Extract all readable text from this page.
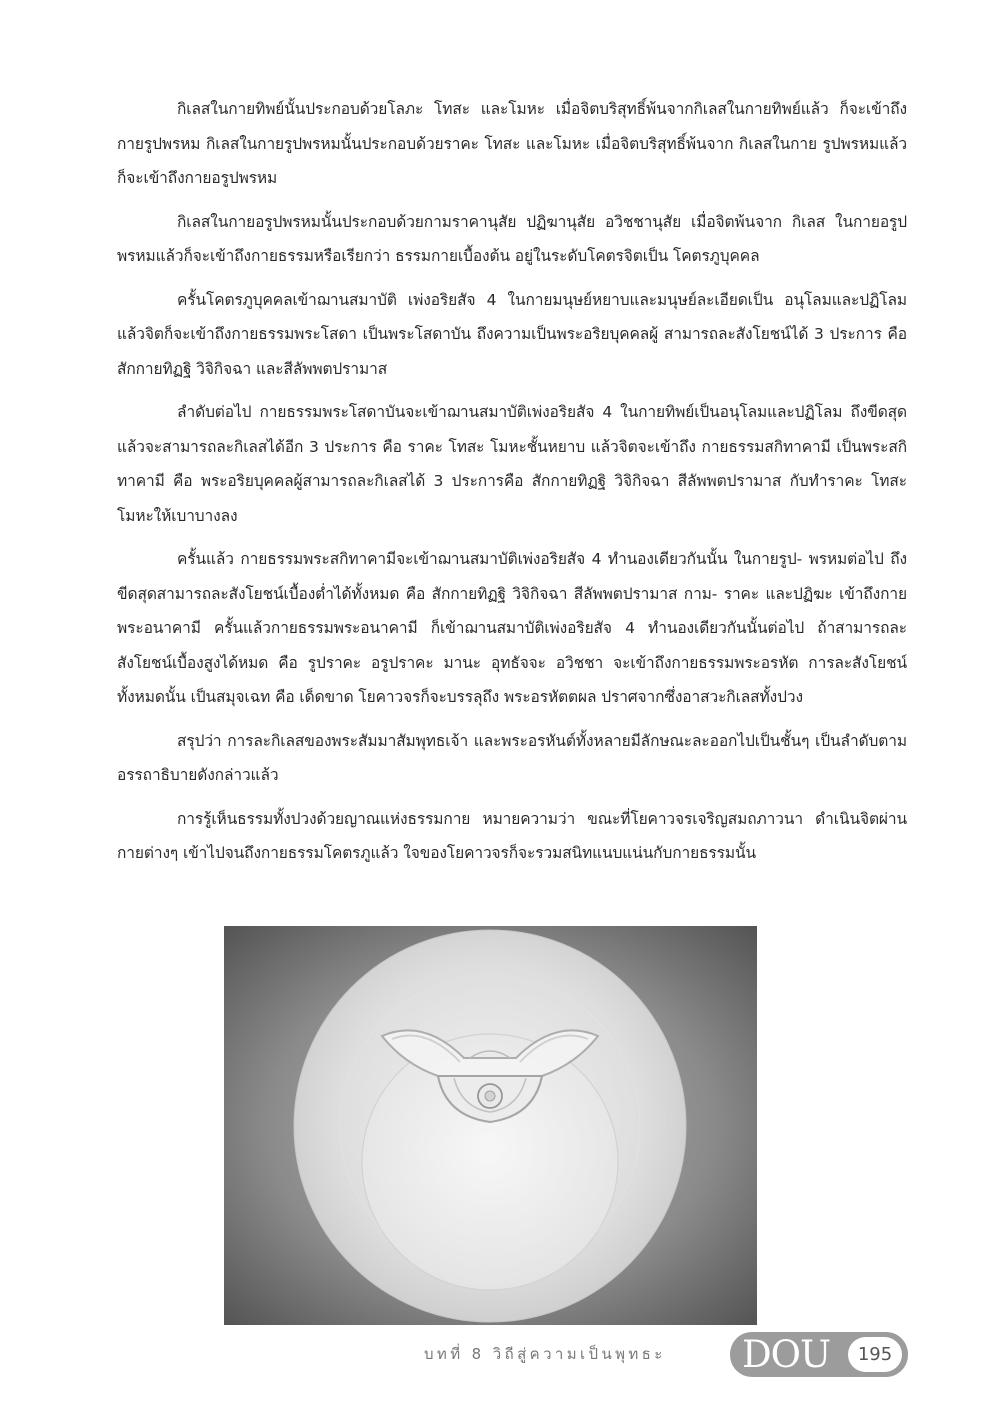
กิเลสในกายทิพย์นั้นประกอบด้วยโลภะ โทสะ และโมหะ เมื่อจิตบริสุทธิ์พ้นจากกิเลสในกายทิพย์แล้ว ก็จะเข้าถึงกายรูปพรหม กิเลสในกายรูปพรหมนั้นประกอบด้วยราคะ โทสะ และโมหะ เมื่อจิตบริสุทธิ์พ้นจาก กิเลสในกาย รูปพรหมแล้ว ก็จะเข้าถึงกายอรูปพรหม

กิเลสในกายอรูปพรหมนั้นประกอบด้วยกามราคานุสัย ปฏิฆานุสัย อวิชชานุสัย เมื่อจิตพ้นจาก กิเลส ในกายอรูปพรหมแล้วก็จะเข้าถึงกายธรรมหรือเรียกว่า ธรรมกายเบื้องต้น อยู่ในระดับโคตรจิตเป็น โคตรภูบุคคล

ครั้นโคตรภูบุคคลเข้าฌานสมาบัติ เพ่งอริยสัจ 4 ในกายมนุษย์หยาบและมนุษย์ละเอียดเป็น อนุโลมและปฏิโลม แล้วจิตก็จะเข้าถึงกายธรรมพระโสดา เป็นพระโสดาบัน ถึงความเป็นพระอริยบุคคลผู้ สามารถละสังโยชน์ได้ 3 ประการ คือ สักกายทิฏฐิ วิจิกิจฉา และสีลัพพตปรามาส

ลำดับต่อไป กายธรรมพระโสดาบันจะเข้าฌานสมาบัติเพ่งอริยสัจ 4 ในกายทิพย์เป็นอนุโลมและปฏิโลม ถึงขีดสุดแล้วจะสามารถละกิเลสได้อีก 3 ประการ คือ ราคะ โทสะ โมหะชั้นหยาบ แล้วจิตจะเข้าถึง กายธรรมสกิทาคามี เป็นพระสกิทาคามี คือ พระอริยบุคคลผู้สามารถละกิเลสได้ 3 ประการคือ สักกายทิฏฐิ วิจิกิจฉา สีลัพพตปรามาส กับทำราคะ โทสะ โมหะให้เบาบางลง

ครั้นแล้ว กายธรรมพระสกิทาคามีจะเข้าฌานสมาบัติเพ่งอริยสัจ 4 ทำนองเดียวกันนั้น ในกายรูป- พรหมต่อไป ถึงขีดสุดสามารถละสังโยชน์เบื้องต่ำได้ทั้งหมด คือ สักกายทิฏฐิ วิจิกิจฉา สีลัพพตปรามาส กาม- ราคะ และปฏิฆะ เข้าถึงกายพระอนาคามี ครั้นแล้วกายธรรมพระอนาคามี ก็เข้าฌานสมาบัติเพ่งอริยสัจ 4 ทำนองเดียวกันนั้นต่อไป ถ้าสามารถละสังโยชน์เบื้องสูงได้หมด คือ รูปราคะ อรูปราคะ มานะ อุทธัจจะ อวิชชา จะเข้าถึงกายธรรมพระอรหัต การละสังโยชน์ทั้งหมดนั้น เป็นสมุจเฉท คือ เด็ดขาด โยคาวจรก็จะบรรลุถึง พระอรหัตตผล ปราศจากซึ่งอาสวะกิเลสทั้งปวง

สรุปว่า การละกิเลสของพระสัมมาสัมพุทธเจ้า และพระอรหันต์ทั้งหลายมีลักษณะละออกไปเป็นชั้นๆ เป็นลำดับตามอรรถาธิบายดังกล่าวแล้ว

การรู้เห็นธรรมทั้งปวงด้วยญาณแห่งธรรมกาย หมายความว่า ขณะที่โยคาวจรเจริญสมถภาวนา ดำเนินจิตผ่านกายต่างๆ เข้าไปจนถึงกายธรรมโคตรภูแล้ว ใจของโยคาวจรก็จะรวมสนิทแนบแน่นกับกายธรรมนั้น

บทที่ 8 วิถีสู่ความเป็นพุทธะ	DOU	195
